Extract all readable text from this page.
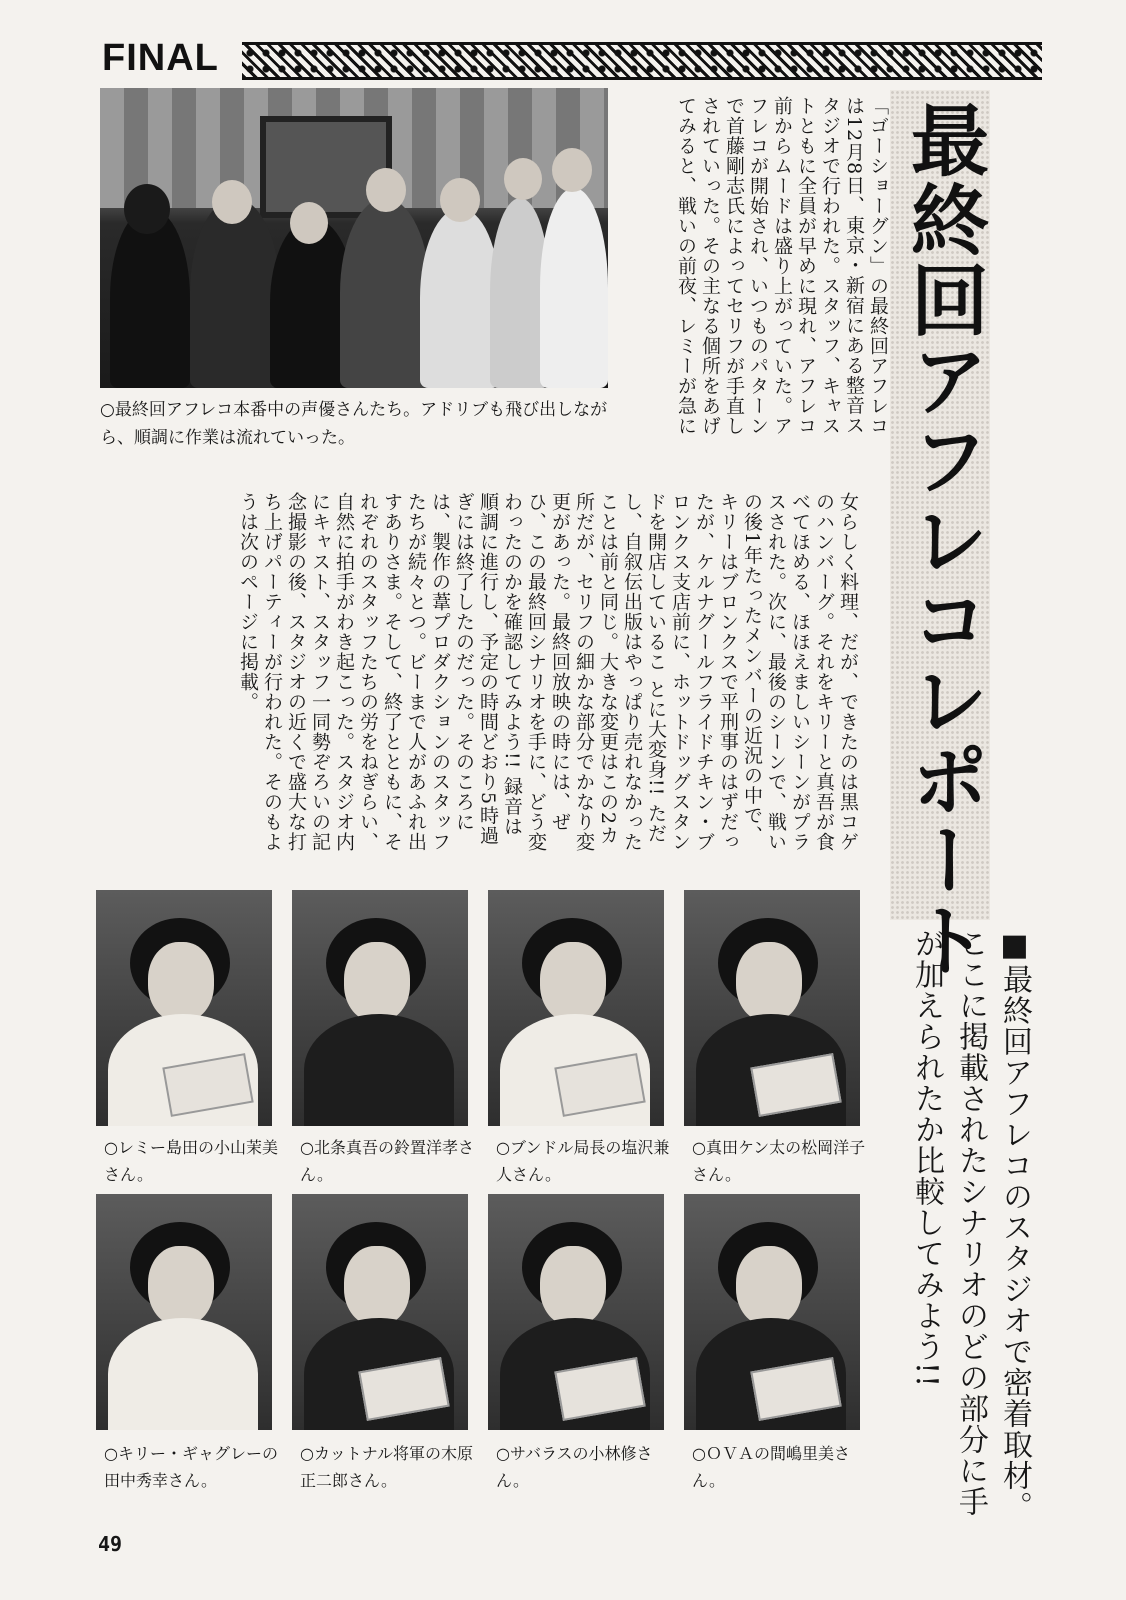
FINAL
○最終回アフレコ本番中の声優さんたち。アドリブも飛び出しながら、順調に作業は流れていった。
「ゴーショーグン」の最終回アフレコは12月8日、東京・新宿にある整音スタジオで行われた。スタッフ、キャストともに全員が早めに現れ、アフレコ前からムードは盛り上がっていた。アフレコが開始され、いつものパターンで首藤剛志氏によってセリフが手直しされていった。その主なる個所をあげてみると、戦いの前夜、レミーが急に
女らしく料理、だが、できたのは黒コゲのハンバーグ。それをキリーと真吾が食べてほめる、ほほえましいシーンがプラスされた。次に、最後のシーンで、戦いの後1年たったメンバーの近況の中で、キリーはブロンクスで平刑事のはずだったが、ケルナグールフライドチキン・ブロンクス支店前に、ホットドッグスタンドを開店しているこ とに大変身!! ただし、自叙伝出版はやっぱり売れなかったことは前と同じ。大きな変更はこの2カ所だが、セリフの細かな部分でかなり変更があった。最終回放映の時には、ぜひ、この最終回シナリオを手に、どう変わったのかを確認してみよう!! 録音は順調に進行し、予定の時間どおり5時過ぎには終了したのだった。そのころには、製作の葦プロダクションのスタッフたちが続々とつ。ビーまで人があふれ出すありさま。そして、終了とともに、それぞれのスタッフたちの労をねぎらい、自然に拍手がわき起こった。スタジオ内にキャスト、スタッフ一同勢ぞろいの記念撮影の後、スタジオの近くで盛大な打ち上げパーティーが行われた。そのもようは次のページに掲載。	最終回アフレコレポート
■最終回アフレコのスタジオで密着取材。ここに掲載されたシナリオのどの部分に手が加えられたか比較してみよう!!
○レミー島田の小山茉美さん。
○北条真吾の鈴置洋孝さん。
○ブンドル局長の塩沢兼人さん。
○真田ケン太の松岡洋子さん。
○キリー・ギャグレーの田中秀幸さん。
○カットナル将軍の木原正二郎さん。
○サバラスの小林修さん。
○ＯＶＡの間嶋里美さん。
49
